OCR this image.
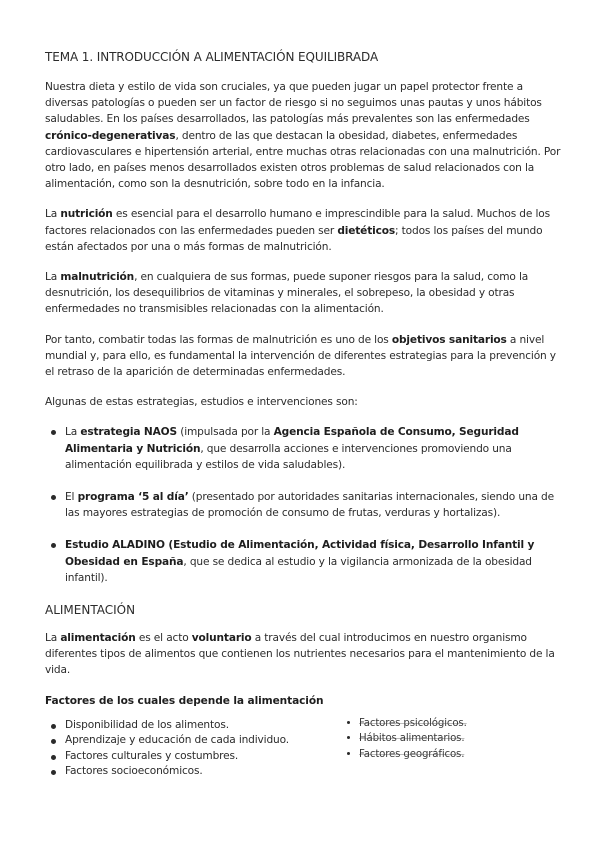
TEMA 1. INTRODUCCIÓN A ALIMENTACIÓN EQUILIBRADA

Nuestra dieta y estilo de vida son cruciales, ya que pueden jugar un papel protector frente a diversas patologías o pueden ser un factor de riesgo si no seguimos unas pautas y unos hábitos saludables. En los países desarrollados, las patologías más prevalentes son las enfermedades crónico-degenerativas, dentro de las que destacan la obesidad, diabetes, enfermedades cardiovasculares e hipertensión arterial, entre muchas otras relacionadas con una malnutrición. Por otro lado, en países menos desarrollados existen otros problemas de salud relacionados con la alimentación, como son la desnutrición, sobre todo en la infancia.

La nutrición es esencial para el desarrollo humano e imprescindible para la salud. Muchos de los factores relacionados con las enfermedades pueden ser dietéticos; todos los países del mundo están afectados por una o más formas de malnutrición.

La malnutrición, en cualquiera de sus formas, puede suponer riesgos para la salud, como la desnutrición, los desequilibrios de vitaminas y minerales, el sobrepeso, la obesidad y otras enfermedades no transmisibles relacionadas con la alimentación.

Por tanto, combatir todas las formas de malnutrición es uno de los objetivos sanitarios a nivel mundial y, para ello, es fundamental la intervención de diferentes estrategias para la prevención y el retraso de la aparición de determinadas enfermedades.

Algunas de estas estrategias, estudios e intervenciones son:

La estrategia NAOS (impulsada por la Agencia Española de Consumo, Seguridad Alimentaria y Nutrición, que desarrolla acciones e intervenciones promoviendo una alimentación equilibrada y estilos de vida saludables).
El programa ‘5 al día’ (presentado por autoridades sanitarias internacionales, siendo una de las mayores estrategias de promoción de consumo de frutas, verduras y hortalizas).
Estudio ALADINO (Estudio de Alimentación, Actividad física, Desarrollo Infantil y Obesidad en España, que se dedica al estudio y la vigilancia armonizada de la obesidad infantil).
ALIMENTACIÓN

La alimentación es el acto voluntario a través del cual introducimos en nuestro organismo diferentes tipos de alimentos que contienen los nutrientes necesarios para el mantenimiento de la vida.

Factores de los cuales depende la alimentación
Disponibilidad de los alimentos.
Aprendizaje y educación de cada individuo.
Factores culturales y costumbres.
Factores socioeconómicos.
Factores psicológicos.
Hábitos alimentarios.
Factores geográficos.
